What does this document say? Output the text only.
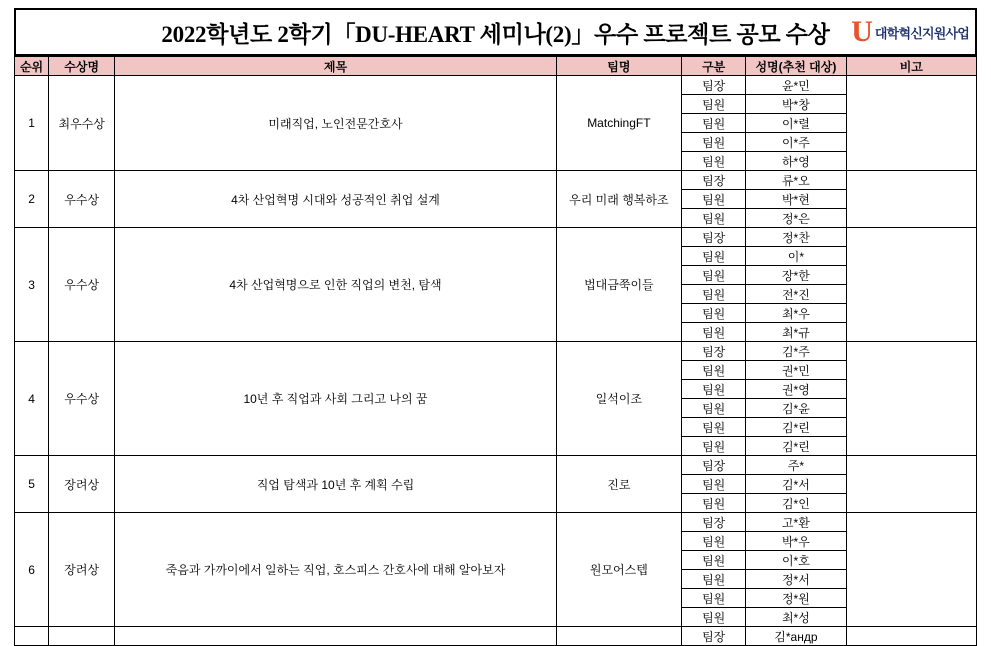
2022학년도 2학기「DU-HEART 세미나(2)」우수 프로젝트 공모 수상 U 대학혁신지원사업
순위	수상명	제목	팀명	구분	성명(추천 대상)	비고
1	최우수상	미래직업, 노인전문간호사	MatchingFT	팀장	윤*민	
				팀원	박*창	
				팀원	이*렬	
				팀원	이*주	
				팀원	하*영	
2	우수상	4차 산업혁명 시대와 성공적인 취업 설계	우리 미래 행복하조	팀장	류*오	
				팀원	박*현	
				팀원	정*은	
3	우수상	4차 산업혁명으로 인한 직업의 변천, 탐색	법대금쭉이들	팀장	정*찬	
				팀원	이*	
				팀원	장*한	
				팀원	전*진	
				팀원	최*우	
				팀원	최*규	
4	우수상	10년 후 직업과 사회 그리고 나의 꿈	일석이조	팀장	김*주	
				팀원	권*민	
				팀원	권*영	
				팀원	김*윤	
				팀원	김*린	
				팀원	김*린	
5	장려상	직업 탐색과 10년 후 계획 수립	진로	팀장	주*	
				팀원	김*서	
				팀원	김*인	
6	장려상	죽음과 가까이에서 일하는 직업, 호스피스 간호사에 대해 알아보자	원모어스텝	팀장	고*환	
				팀원	박*우	
				팀원	이*호	
				팀원	정*서	
				팀원	정*원	
				팀원	최*성	
				팀장	김*андр	
